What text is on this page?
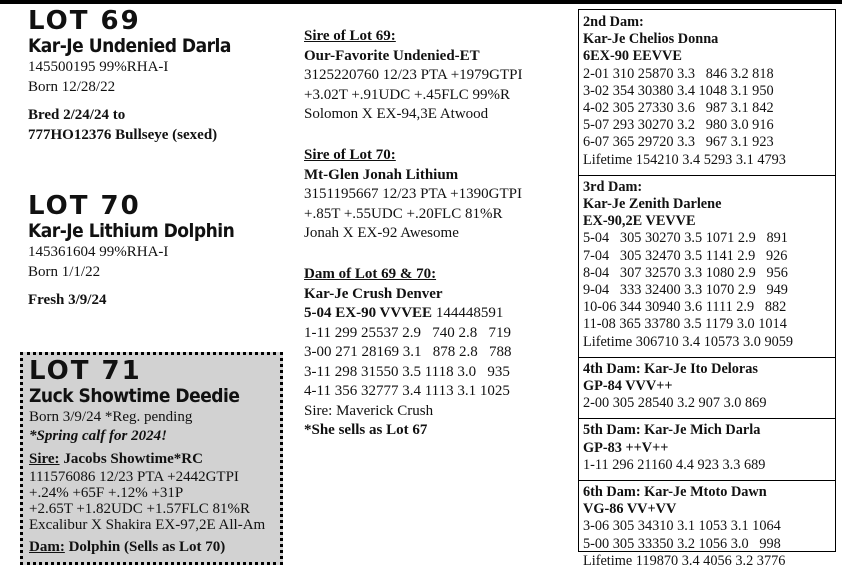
LOT 69
Kar-Je Undenied Darla
145500195 99%RHA-I
Born 12/28/22
Bred 2/24/24 to
777HO12376 Bullseye (sexed)
LOT 70
Kar-Je Lithium Dolphin
145361604 99%RHA-I
Born 1/1/22
Fresh 3/9/24
LOT 71
Zuck Showtime Deedie
Born 3/9/24 *Reg. pending
*Spring calf for 2024!
Sire: Jacobs Showtime*RC
111576086 12/23 PTA +2442GTPI
+.24% +65F +.12% +31P
+2.65T +1.82UDC +1.57FLC 81%R
Excalibur X Shakira EX-97,2E All-Am
Dam: Dolphin (Sells as Lot 70)
Sire of Lot 69:
Our-Favorite Undenied-ET
3125220760 12/23 PTA +1979GTPI
+3.02T +.91UDC +.45FLC 99%R
Solomon X EX-94,3E Atwood
Sire of Lot 70:
Mt-Glen Jonah Lithium
3151195667 12/23 PTA +1390GTPI
+.85T +.55UDC +.20FLC 81%R
Jonah X EX-92 Awesome
Dam of Lot 69 & 70:
Kar-Je Crush Denver
5-04 EX-90 VVVEE 144448591
1-11 299 25537 2.9   740 2.8   719
3-00 271 28169 3.1   878 2.8   788
3-11 298 31550 3.5 1118 3.0   935
4-11 356 32777 3.4 1113 3.1 1025
Sire: Maverick Crush
*She sells as Lot 67
2nd Dam:
Kar-Je Chelios Donna
6EX-90 EEVVE
2-01 310 25870 3.3   846 3.2 818
3-02 354 30380 3.4 1048 3.1 950
4-02 305 27330 3.6   987 3.1 842
5-07 293 30270 3.2   980 3.0 916
6-07 365 29720 3.3   967 3.1 923
Lifetime 154210 3.4 5293 3.1 4793
3rd Dam:
Kar-Je Zenith Darlene
EX-90,2E VEVVE
5-04   305 30270 3.5 1071 2.9   891
7-04   305 32470 3.5 1141 2.9   926
8-04   307 32570 3.3 1080 2.9   956
9-04   333 32400 3.3 1070 2.9   949
10-06 344 30940 3.6 1111 2.9   882
11-08 365 33780 3.5 1179 3.0 1014
Lifetime 306710 3.4 10573 3.0 9059
4th Dam: Kar-Je Ito Deloras
GP-84 VVV++
2-00 305 28540 3.2 907 3.0 869
5th Dam: Kar-Je Mich Darla
GP-83 ++V++
1-11 296 21160 4.4 923 3.3 689
6th Dam: Kar-Je Mtoto Dawn
VG-86 VV+VV
3-06 305 34310 3.1 1053 3.1 1064
5-00 305 33350 3.2 1056 3.0   998
Lifetime 119870 3.4 4056 3.2 3776
